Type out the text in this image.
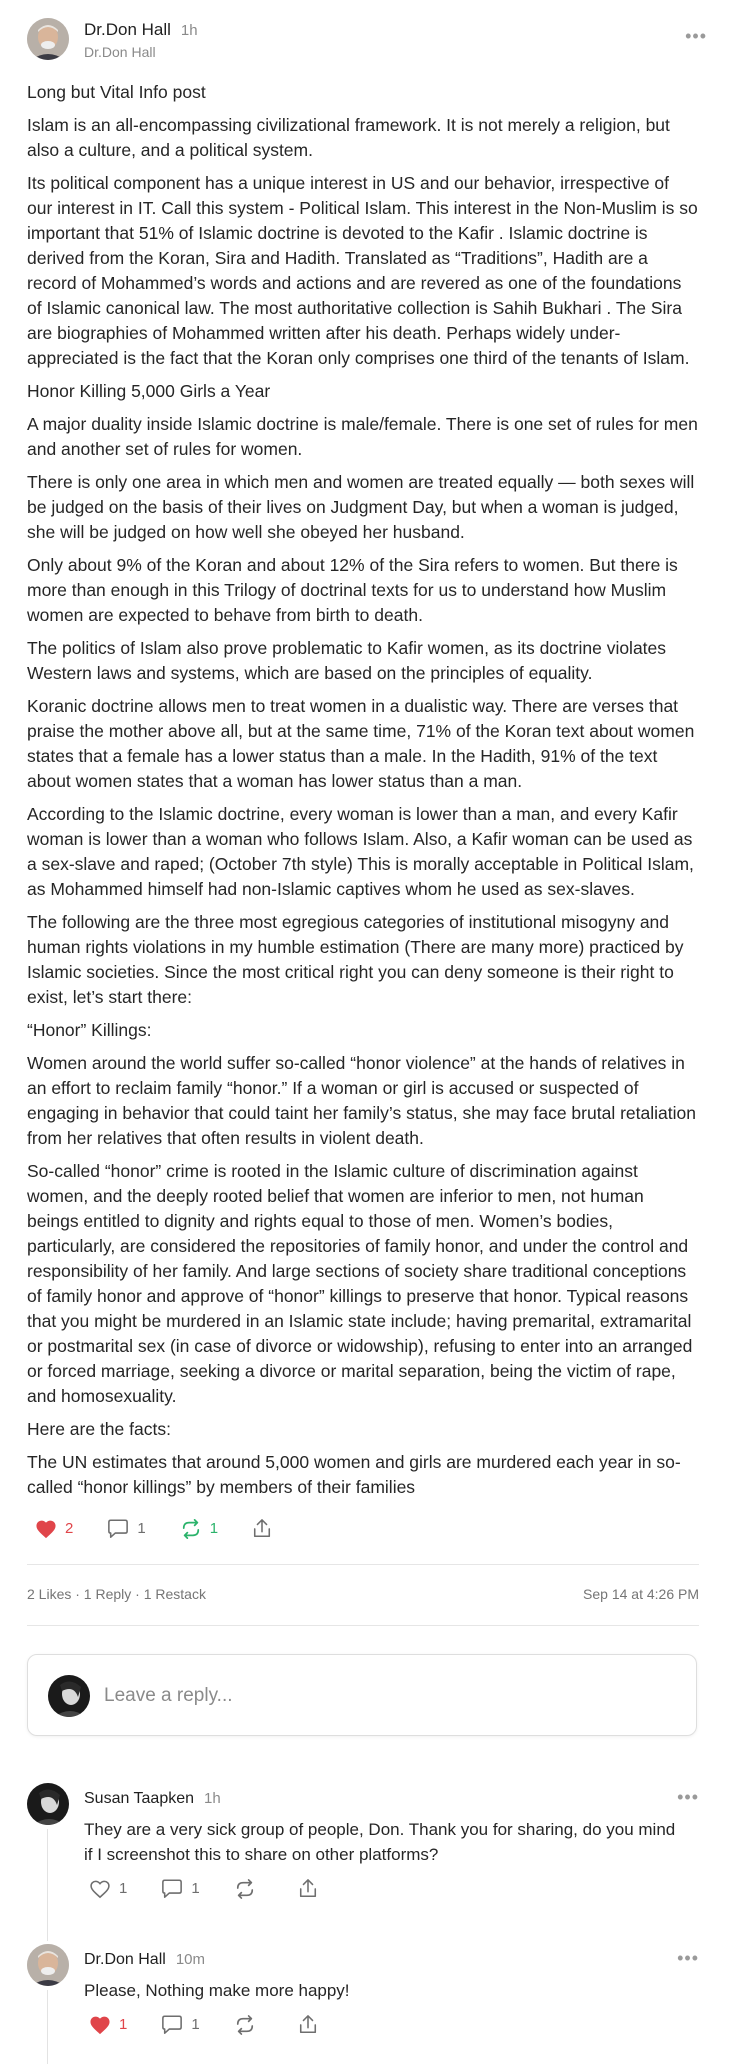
Dr.Don Hall 1h
Dr.Don Hall
•••

Long but Vital Info post

Islam is an all-encompassing civilizational framework. It is not merely a religion, but also a culture, and a political system.

Its political component has a unique interest in US and our behavior, irrespective of our interest in IT. Call this system - Political Islam. This interest in the Non-Muslim is so important that 51% of Islamic doctrine is devoted to the Kafir . Islamic doctrine is derived from the Koran, Sira and Hadith. Translated as “Traditions”, Hadith are a record of Mohammed’s words and actions and are revered as one of the foundations of Islamic canonical law. The most authoritative collection is Sahih Bukhari . The Sira are biographies of Mohammed written after his death. Perhaps widely under-appreciated is the fact that the Koran only comprises one third of the tenants of Islam.

Honor Killing 5,000 Girls a Year

A major duality inside Islamic doctrine is male/female. There is one set of rules for men and another set of rules for women.

There is only one area in which men and women are treated equally — both sexes will be judged on the basis of their lives on Judgment Day, but when a woman is judged, she will be judged on how well she obeyed her husband.

Only about 9% of the Koran and about 12% of the Sira refers to women. But there is more than enough in this Trilogy of doctrinal texts for us to understand how Muslim women are expected to behave from birth to death.

The politics of Islam also prove problematic to Kafir women, as its doctrine violates Western laws and systems, which are based on the principles of equality.

Koranic doctrine allows men to treat women in a dualistic way. There are verses that praise the mother above all, but at the same time, 71% of the Koran text about women states that a female has a lower status than a male. In the Hadith, 91% of the text about women states that a woman has lower status than a man.

According to the Islamic doctrine, every woman is lower than a man, and every Kafir woman is lower than a woman who follows Islam. Also, a Kafir woman can be used as a sex-slave and raped; (October 7th style) This is morally acceptable in Political Islam, as Mohammed himself had non-Islamic captives whom he used as sex-slaves.

The following are the three most egregious categories of institutional misogyny and human rights violations in my humble estimation (There are many more) practiced by Islamic societies. Since the most critical right you can deny someone is their right to exist, let’s start there:

“Honor” Killings:

Women around the world suffer so-called “honor violence” at the hands of relatives in an effort to reclaim family “honor.” If a woman or girl is accused or suspected of engaging in behavior that could taint her family’s status, she may face brutal retaliation from her relatives that often results in violent death.

So-called “honor” crime is rooted in the Islamic culture of discrimination against women, and the deeply rooted belief that women are inferior to men, not human beings entitled to dignity and rights equal to those of men. Women’s bodies, particularly, are considered the repositories of family honor, and under the control and responsibility of her family. And large sections of society share traditional conceptions of family honor and approve of “honor” killings to preserve that honor. Typical reasons that you might be murdered in an Islamic state include; having premarital, extramarital or postmarital sex (in case of divorce or widowship), refusing to enter into an arranged or forced marriage, seeking a divorce or marital separation, being the victim of rape, and homosexuality.

Here are the facts:

The UN estimates that around 5,000 women and girls are murdered each year in so-called “honor killings” by members of their families

2	1	1
2 Likes · 1 Reply · 1 Restack	Sep 14 at 4:26 PM
Leave a reply...
Susan Taapken 1h	•••
They are a very sick group of people, Don. Thank you for sharing, do you mind if I screenshot this to share on other platforms?
1	1
Dr.Don Hall 10m	•••
Please, Nothing make more happy!
1	1
